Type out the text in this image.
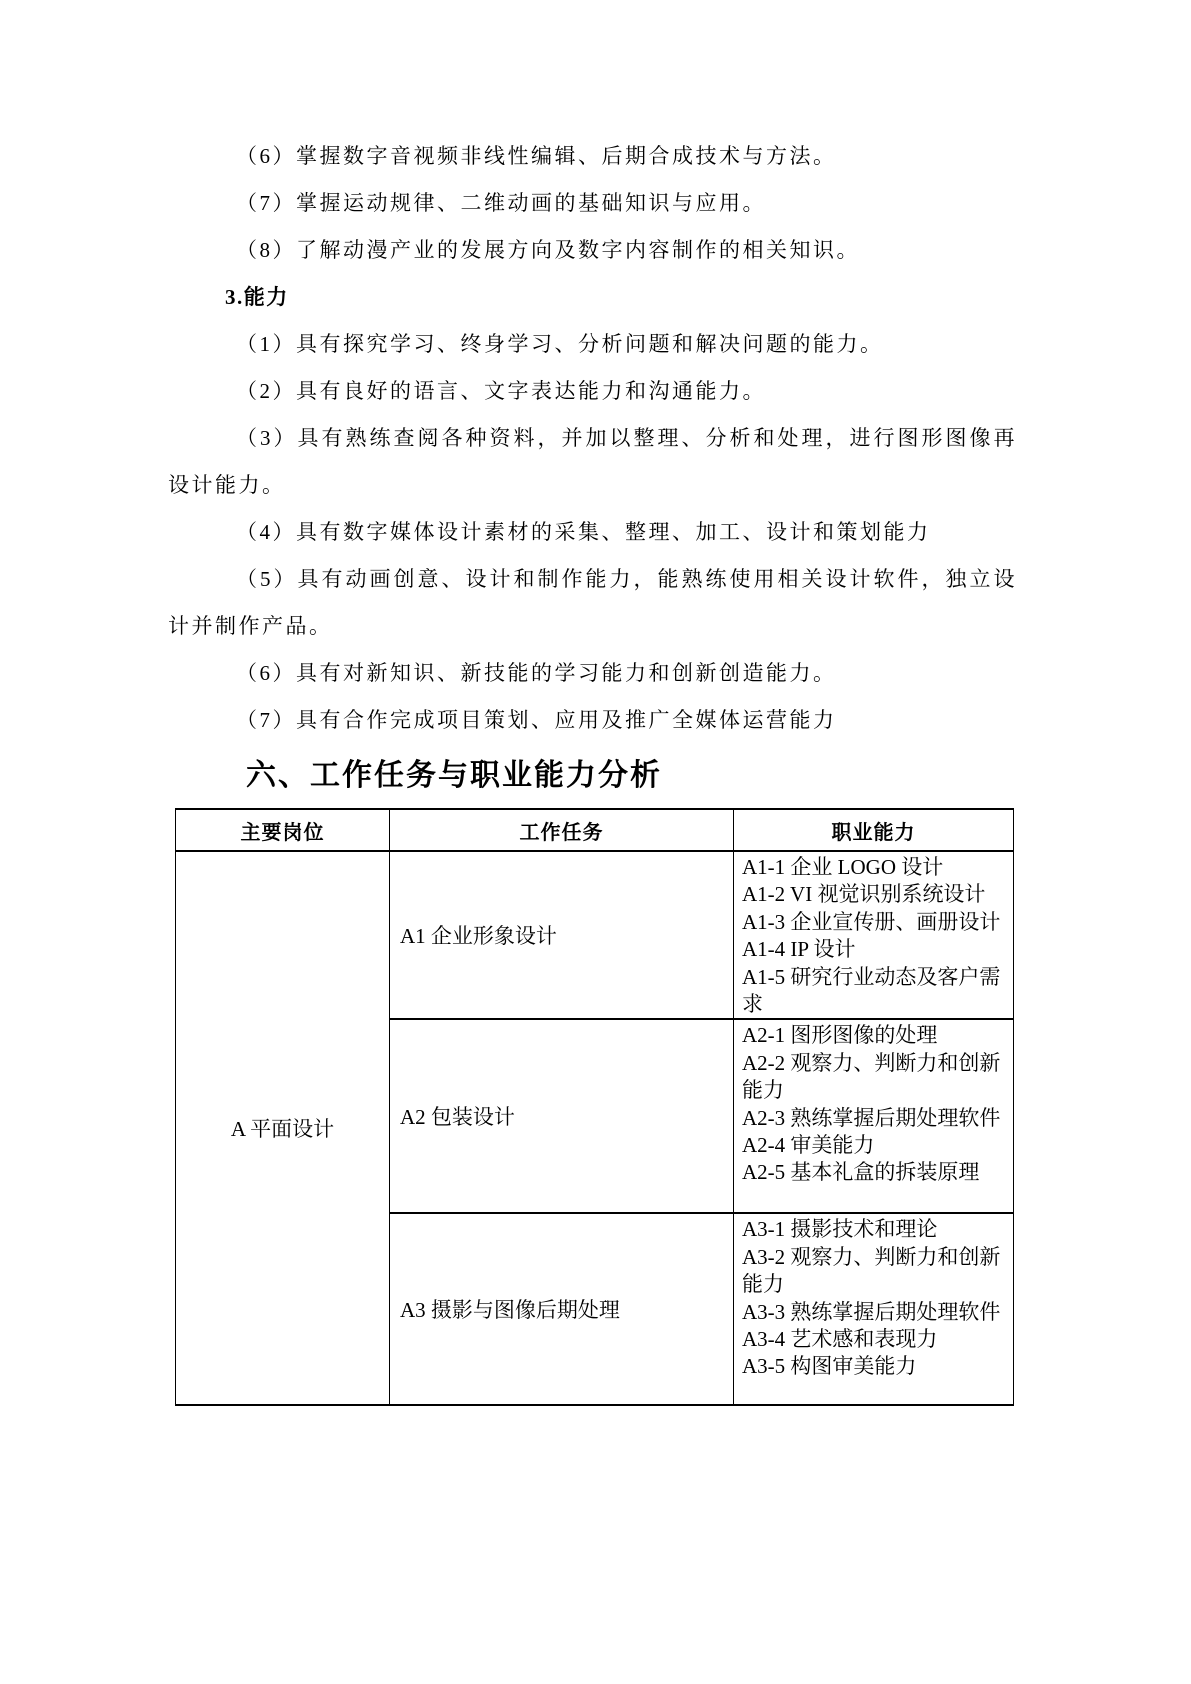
（6）掌握数字音视频非线性编辑、后期合成技术与方法。

（7）掌握运动规律、二维动画的基础知识与应用。

（8）了解动漫产业的发展方向及数字内容制作的相关知识。

3.能力

（1）具有探究学习、终身学习、分析问题和解决问题的能力。

（2）具有良好的语言、文字表达能力和沟通能力。

（3）具有熟练查阅各种资料，并加以整理、分析和处理，进行图形图像再设计能力。

（4）具有数字媒体设计素材的采集、整理、加工、设计和策划能力

（5）具有动画创意、设计和制作能力，能熟练使用相关设计软件，独立设计并制作产品。

（6）具有对新知识、新技能的学习能力和创新创造能力。

（7）具有合作完成项目策划、应用及推广全媒体运营能力

六、工作任务与职业能力分析
主要岗位	工作任务	职业能力
A 平面设计	A1 企业形象设计	A1-1 企业 LOGO 设计
A1-2 VI 视觉识别系统设计
A1-3 企业宣传册、画册设计
A1-4 IP 设计
A1-5 研究行业动态及客户需求

	A2 包装设计	A2-1 图形图像的处理
A2-2 观察力、判断力和创新能力
A2-3 熟练掌握后期处理软件
A2-4 审美能力
A2-5 基本礼盒的拆装原理

	A3 摄影与图像后期处理	A3-1 摄影技术和理论
A3-2 观察力、判断力和创新能力
A3-3 熟练掌握后期处理软件
A3-4 艺术感和表现力
A3-5 构图审美能力
